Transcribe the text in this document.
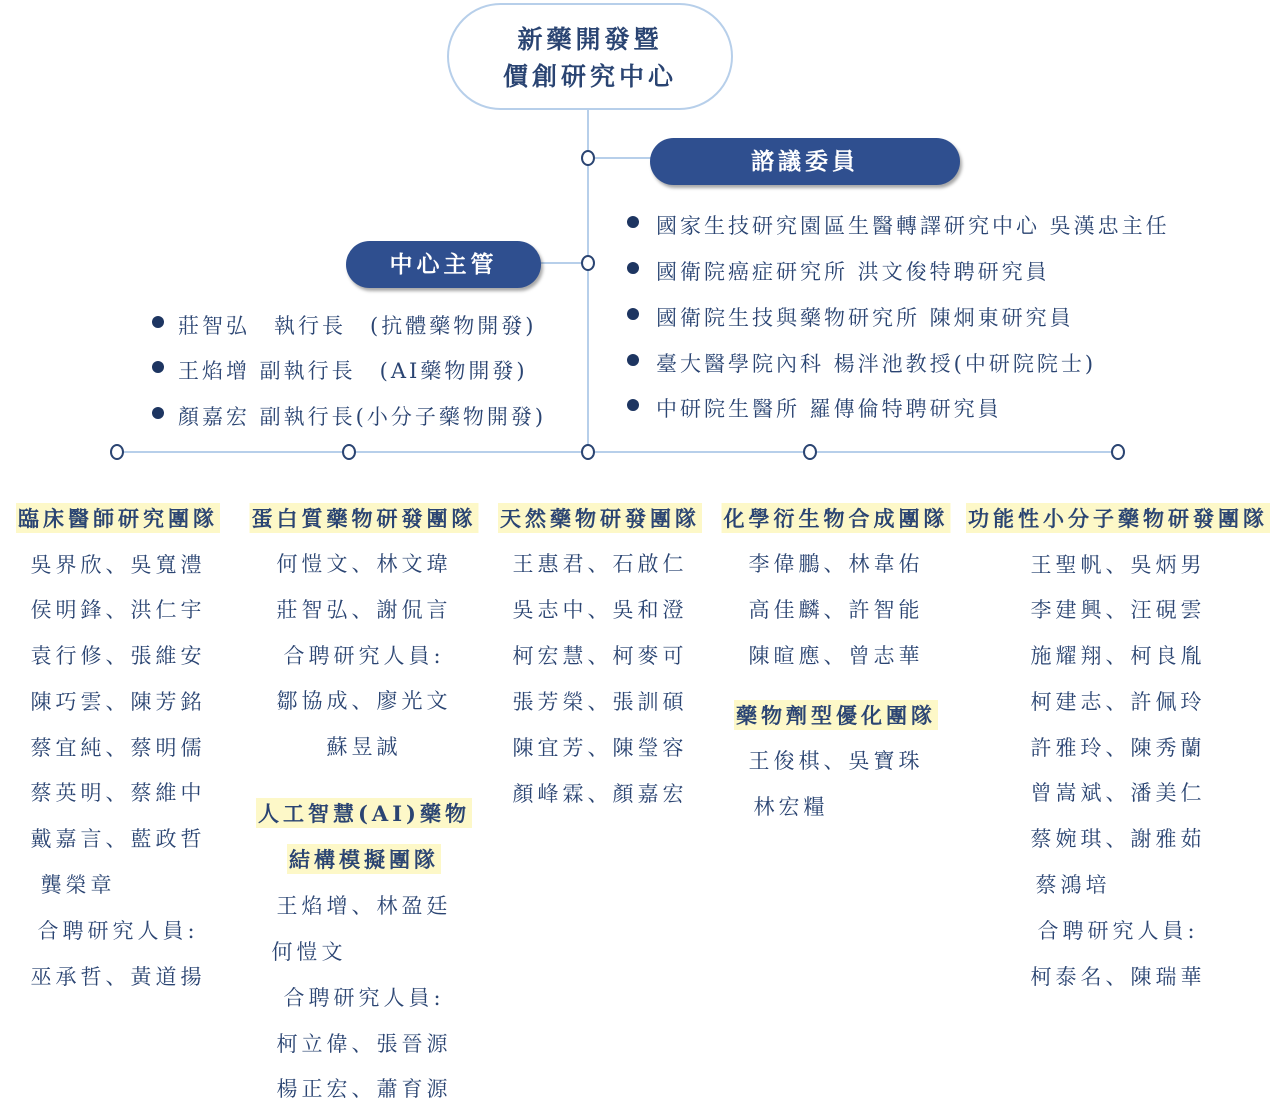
新藥開發暨
價創研究中心
諮議委員
中心主管
國家生技研究園區生醫轉譯研究中心 吳漢忠主任
國衛院癌症研究所 洪文俊特聘研究員
國衛院生技與藥物研究所 陳炯東研究員
臺大醫學院內科 楊泮池教授(中研院院士)
中研院生醫所 羅傳倫特聘研究員
莊智弘　執行長　(抗體藥物開發)
王焰增 副執行長　(AI藥物開發)
顏嘉宏 副執行長(小分子藥物開發)
臨床醫師研究團隊
吳界欣、吳寬澧
侯明鋒、洪仁宇
袁行修、張維安
陳巧雲、陳芳銘
蔡宜純、蔡明儒
蔡英明、蔡維中
戴嘉言、藍政哲
龔榮章
合聘研究人員:
巫承哲、黃道揚
蛋白質藥物研發團隊
何愷文、林文瑋
莊智弘、謝侃言
合聘研究人員:
鄒協成、廖光文
蘇昱誠
人工智慧(AI)藥物
結構模擬團隊
王焰增、林盈廷
何愷文
合聘研究人員:
柯立偉、張晉源
楊正宏、蕭育源
天然藥物研發團隊
王惠君、石啟仁
吳志中、吳和澄
柯宏慧、柯麥可
張芳榮、張訓碩
陳宜芳、陳瑩容
顏峰霖、顏嘉宏
化學衍生物合成團隊
李偉鵬、林韋佑
高佳麟、許智能
陳暄應、曾志華
藥物劑型優化團隊
王俊棋、吳寶珠
林宏糧
功能性小分子藥物研發團隊
王聖帆、吳炳男
李建興、汪硯雲
施耀翔、柯良胤
柯建志、許佩玲
許雅玲、陳秀蘭
曾嵩斌、潘美仁
蔡婉琪、謝雅茹
蔡鴻培
合聘研究人員:
柯泰名、陳瑞華
